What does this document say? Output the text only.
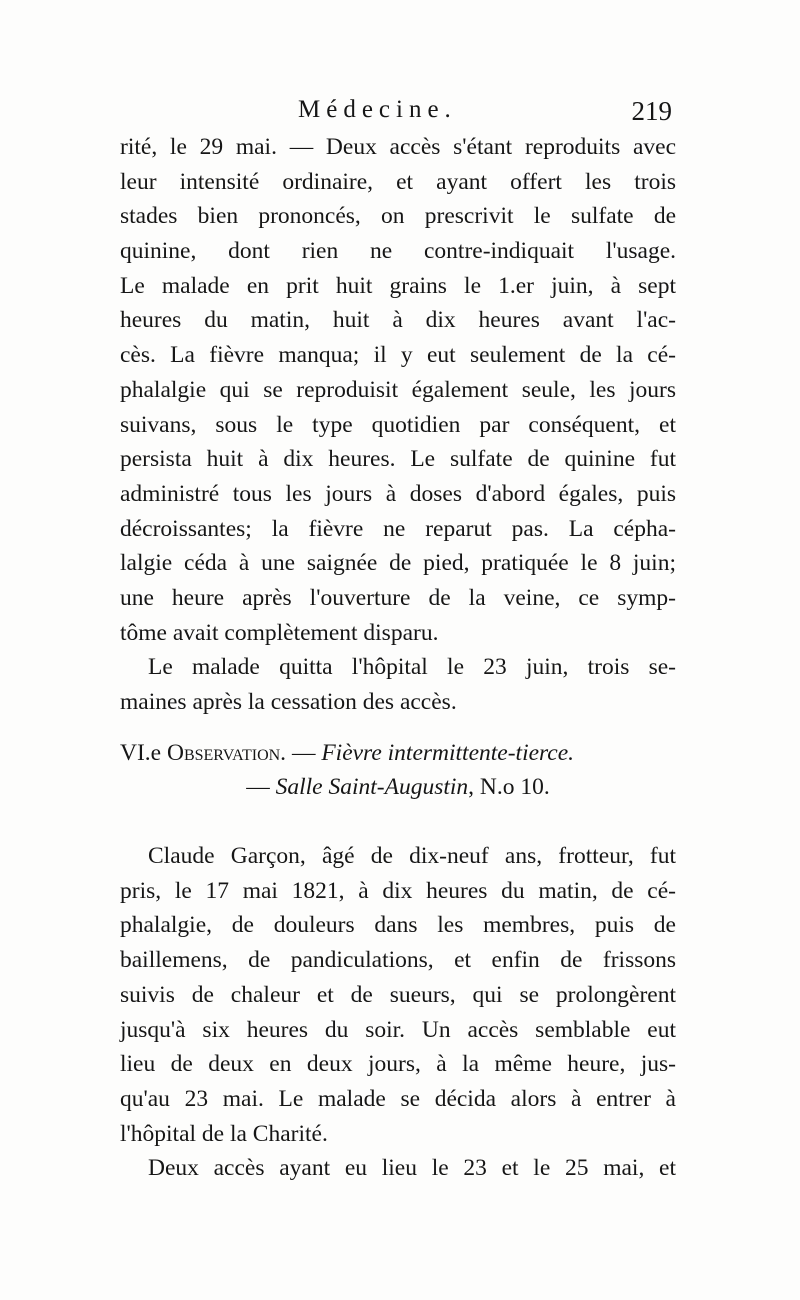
Médecine.	219
rité, le 29 mai. — Deux accès s'étant reproduits avec
leur intensité ordinaire, et ayant offert les trois
stades bien prononcés, on prescrivit le sulfate de
quinine, dont rien ne contre-indiquait l'usage.
Le malade en prit huit grains le 1.er juin, à sept
heures du matin, huit à dix heures avant l'ac-
cès. La fièvre manqua; il y eut seulement de la cé-
phalalgie qui se reproduisit également seule, les jours
suivans, sous le type quotidien par conséquent, et
persista huit à dix heures. Le sulfate de quinine fut
administré tous les jours à doses d'abord égales, puis
décroissantes; la fièvre ne reparut pas. La cépha-
lalgie céda à une saignée de pied, pratiquée le 8 juin;
une heure après l'ouverture de la veine, ce symp-
tôme avait complètement disparu.
Le malade quitta l'hôpital le 23 juin, trois se-
maines après la cessation des accès.
VI.e Observation. — Fièvre intermittente-tierce.
— Salle Saint-Augustin, N.o 10.
Claude Garçon, âgé de dix-neuf ans, frotteur, fut
pris, le 17 mai 1821, à dix heures du matin, de cé-
phalalgie, de douleurs dans les membres, puis de
baillemens, de pandiculations, et enfin de frissons
suivis de chaleur et de sueurs, qui se prolongèrent
jusqu'à six heures du soir. Un accès semblable eut
lieu de deux en deux jours, à la même heure, jus-
qu'au 23 mai. Le malade se décida alors à entrer à
l'hôpital de la Charité.
Deux accès ayant eu lieu le 23 et le 25 mai, et
